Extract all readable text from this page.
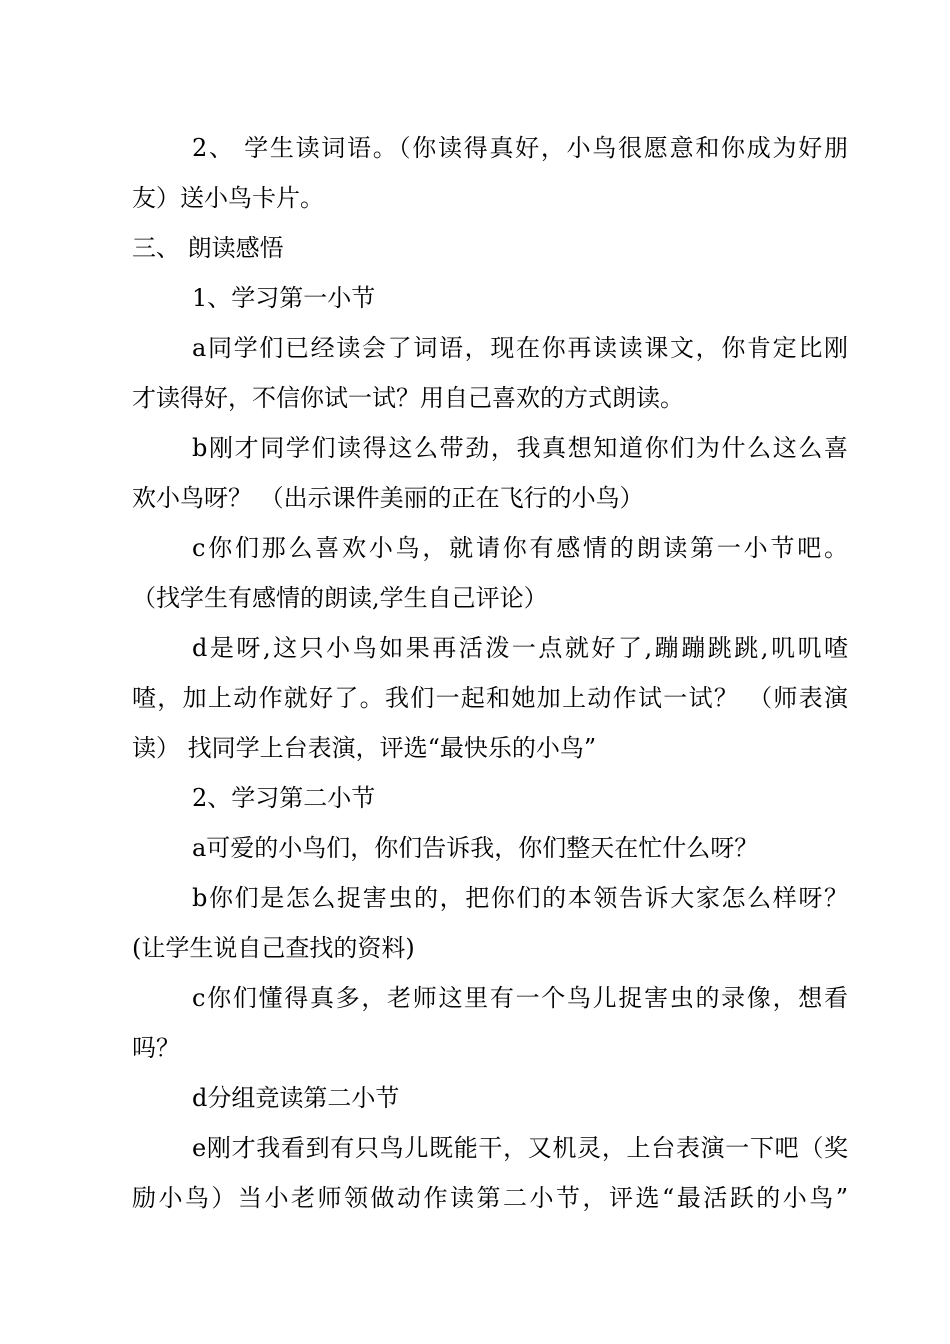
2、 学生读词语。（你读得真好，小鸟很愿意和你成为好朋
友）送小鸟卡片。
三、 朗读感悟
1、学习第一小节
a同学们已经读会了词语，现在你再读读课文，你肯定比刚
才读得好，不信你试一试？用自己喜欢的方式朗读。
b刚才同学们读得这么带劲，我真想知道你们为什么这么喜
欢小鸟呀？ （出示课件美丽的正在飞行的小鸟）
c你们那么喜欢小鸟，就请你有感情的朗读第一小节吧。
（找学生有感情的朗读,学生自己评论）
d是呀,这只小鸟如果再活泼一点就好了,蹦蹦跳跳,叽叽喳
喳，加上动作就好了。我们一起和她加上动作试一试？ （师表演
读） 找同学上台表演，评选“最快乐的小鸟”
2、学习第二小节
a可爱的小鸟们，你们告诉我，你们整天在忙什么呀？
b你们是怎么捉害虫的，把你们的本领告诉大家怎么样呀？
(让学生说自己查找的资料)
c你们懂得真多，老师这里有一个鸟儿捉害虫的录像，想看
吗？
d分组竞读第二小节
e刚才我看到有只鸟儿既能干，又机灵，上台表演一下吧（奖
励小鸟）当小老师领做动作读第二小节，评选“最活跃的小鸟”
